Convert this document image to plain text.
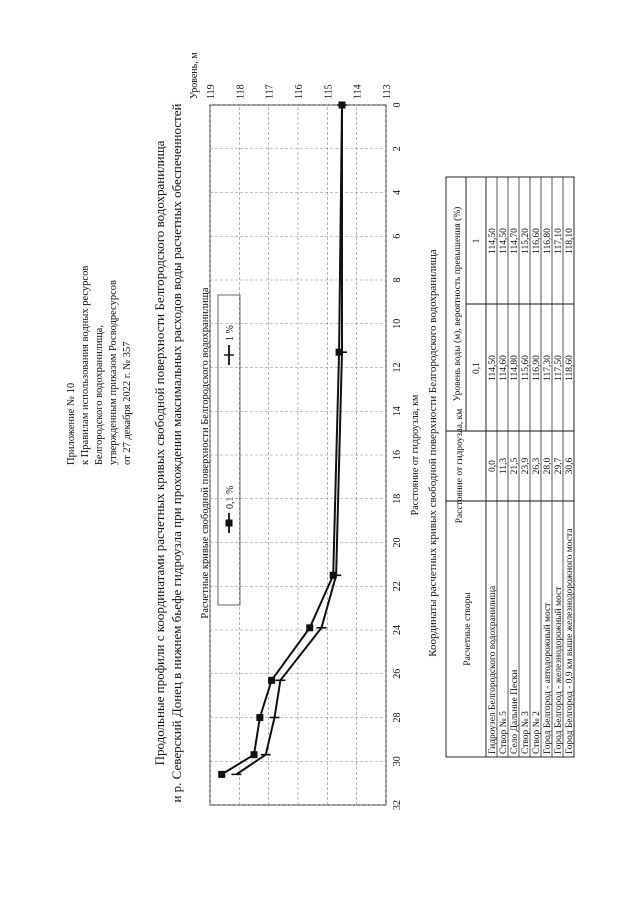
Приложение № 10 к Правилам использования водных ресурсов Белгородского водохранилища, утвержденным приказом Росводресурсов от 27 декабря 2022 г. № 357 Продольные профили с координатами расчетных кривых свободной поверхности Белгородского водохранилища и р. Северский Донец в нижнем бьефе гидроузла при прохождении максимальных расходов воды расчетных обеспеченностей Расчетные кривые свободной поверхности Белгородского водохранилища 0,1 %
1 %
0
2
4
6
8
10
12
14
16
18
20
22
24
26
28
30
32
113
114
115
116
117
118
119
Расстояние от гидроузла, км
Уровень, м
Координаты расчетных кривых свободной поверхности Белгородского водохранилища	Расчетные створы
Расстояние от гидроузла, км
Уровень воды (м), вероятность превышения (%) 0,1
1
Гидроузел Белгородского водохранилища
0,0
114,50
114,50
Створ № 5
11,3
114,60
114,50
Село Дальние Пески
21,5
114,80
114,70
Створ № 3
23,9
115,60
115,20
Створ № 2
26,3
116,90
116,60
Город Белгород - автодорожный мост
28,0
117,30
116,80
Город Белгород - железнодорожный мост
29,7
117,50
117,10
Город Белгород - 0,9 км выше железнодорожного моста
30,6
118,60
118,10
